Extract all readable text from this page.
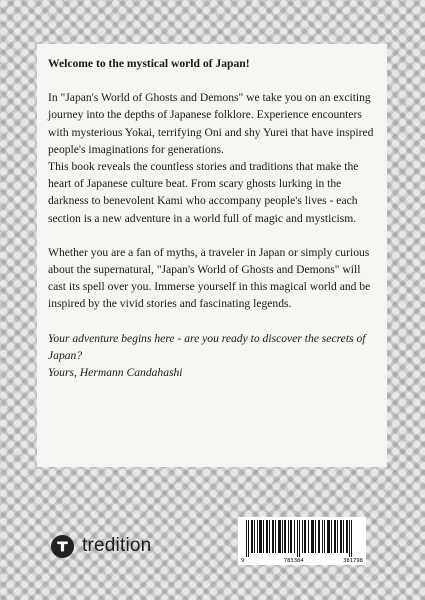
Welcome to the mystical world of Japan!

In "Japan's World of Ghosts and Demons" we take you on an exciting journey into the depths of Japanese folklore. Experience encounters with mysterious Yokai, terrifying Oni and shy Yurei that have inspired people's imaginations for generations.

This book reveals the countless stories and traditions that make the heart of Japanese culture beat. From scary ghosts lurking in the darkness to benevolent Kami who accompany people's lives - each section is a new adventure in a world full of magic and mysticism.

Whether you are a fan of myths, a traveler in Japan or simply curious about the supernatural, "Japan's World of Ghosts and Demons" will cast its spell over you. Immerse yourself in this magical world and be inspired by the vivid stories and fascinating legends.

Your adventure begins here - are you ready to discover the secrets of Japan?

Yours, Hermann Candahashi

tredition
9	783384	381798
